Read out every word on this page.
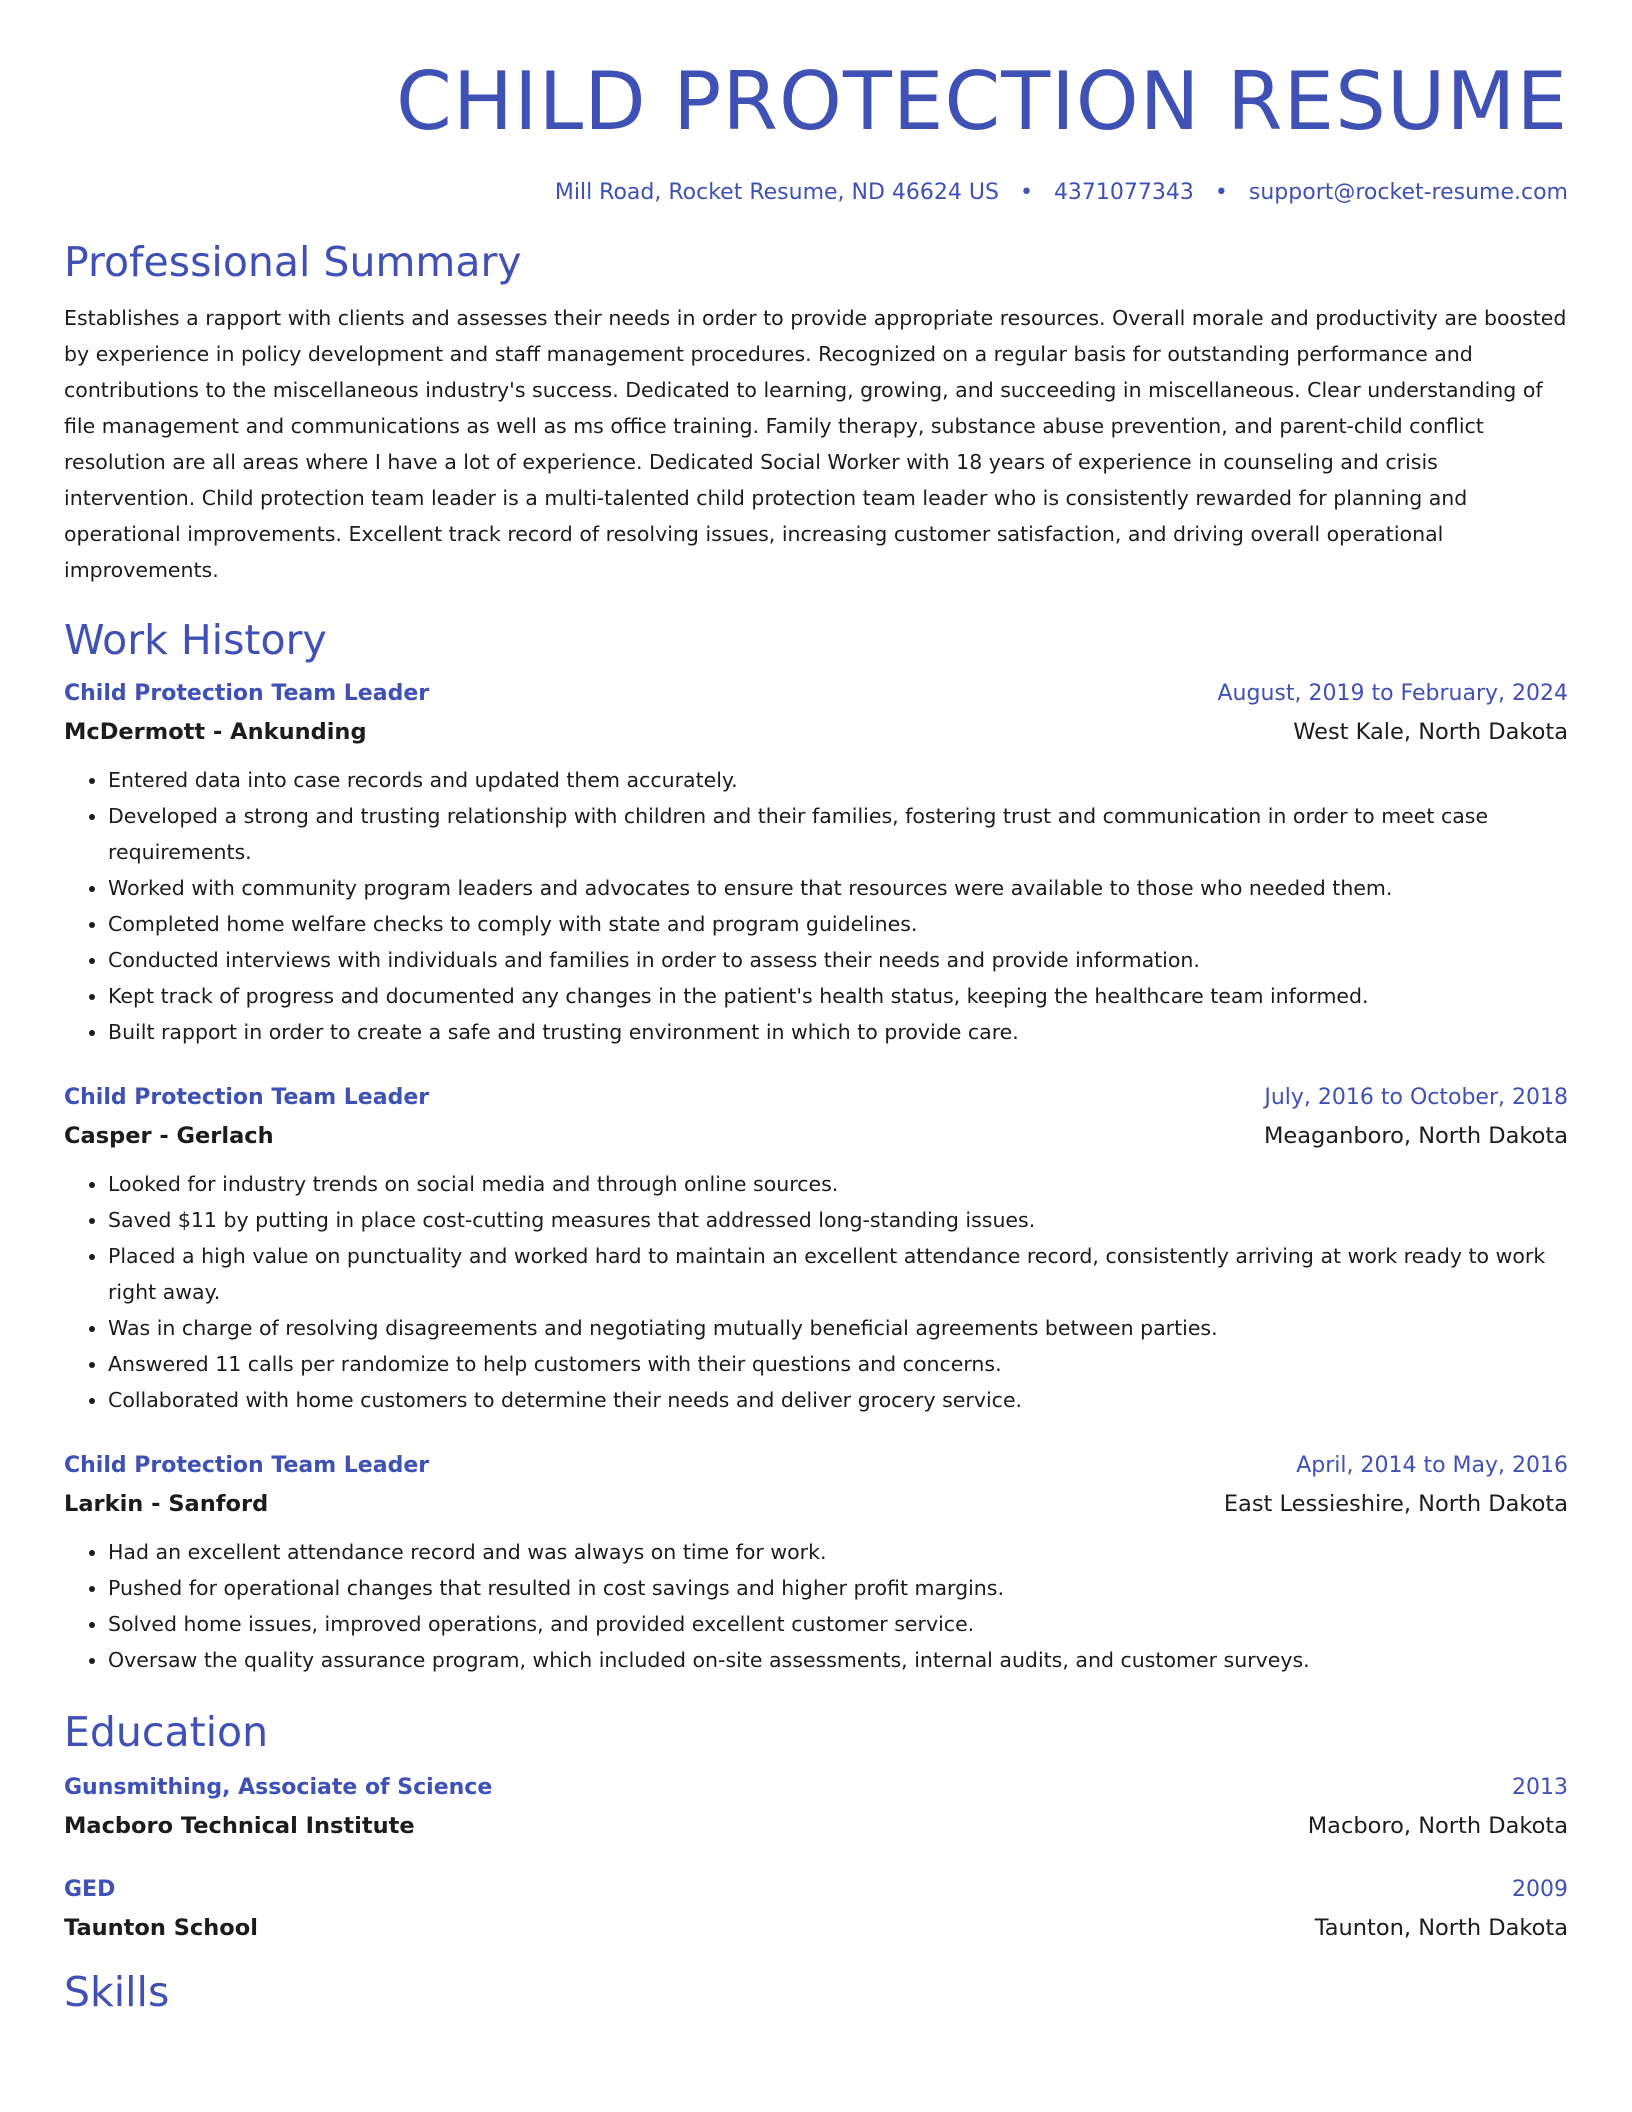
CHILD PROTECTION RESUME
Mill Road, Rocket Resume, ND 46624 US • 4371077343 • support@rocket-resume.com
Professional Summary

Establishes a rapport with clients and assesses their needs in order to provide appropriate resources. Overall morale and productivity are boosted by experience in policy development and staff management procedures. Recognized on a regular basis for outstanding performance and contributions to the miscellaneous industry's success. Dedicated to learning, growing, and succeeding in miscellaneous. Clear understanding of file management and communications as well as ms office training. Family therapy, substance abuse prevention, and parent-child conflict resolution are all areas where I have a lot of experience. Dedicated Social Worker with 18 years of experience in counseling and crisis intervention. Child protection team leader is a multi-talented child protection team leader who is consistently rewarded for planning and operational improvements. Excellent track record of resolving issues, increasing customer satisfaction, and driving overall operational improvements.

Work History
Child Protection Team Leader	August, 2019 to February, 2024
McDermott - Ankunding	West Kale, North Dakota
• Entered data into case records and updated them accurately.
• Developed a strong and trusting relationship with children and their families, fostering trust and communication in order to meet case requirements.
• Worked with community program leaders and advocates to ensure that resources were available to those who needed them.
• Completed home welfare checks to comply with state and program guidelines.
• Conducted interviews with individuals and families in order to assess their needs and provide information.
• Kept track of progress and documented any changes in the patient's health status, keeping the healthcare team informed.
• Built rapport in order to create a safe and trusting environment in which to provide care.
Child Protection Team Leader	July, 2016 to October, 2018
Casper - Gerlach	Meaganboro, North Dakota
• Looked for industry trends on social media and through online sources.
• Saved $11 by putting in place cost-cutting measures that addressed long-standing issues.
• Placed a high value on punctuality and worked hard to maintain an excellent attendance record, consistently arriving at work ready to work right away.
• Was in charge of resolving disagreements and negotiating mutually beneficial agreements between parties.
• Answered 11 calls per randomize to help customers with their questions and concerns.
• Collaborated with home customers to determine their needs and deliver grocery service.
Child Protection Team Leader	April, 2014 to May, 2016
Larkin - Sanford	East Lessieshire, North Dakota
• Had an excellent attendance record and was always on time for work.
• Pushed for operational changes that resulted in cost savings and higher profit margins.
• Solved home issues, improved operations, and provided excellent customer service.
• Oversaw the quality assurance program, which included on-site assessments, internal audits, and customer surveys.
Education
Gunsmithing, Associate of Science	2013
Macboro Technical Institute	Macboro, North Dakota
GED	2009
Taunton School	Taunton, North Dakota
Skills
